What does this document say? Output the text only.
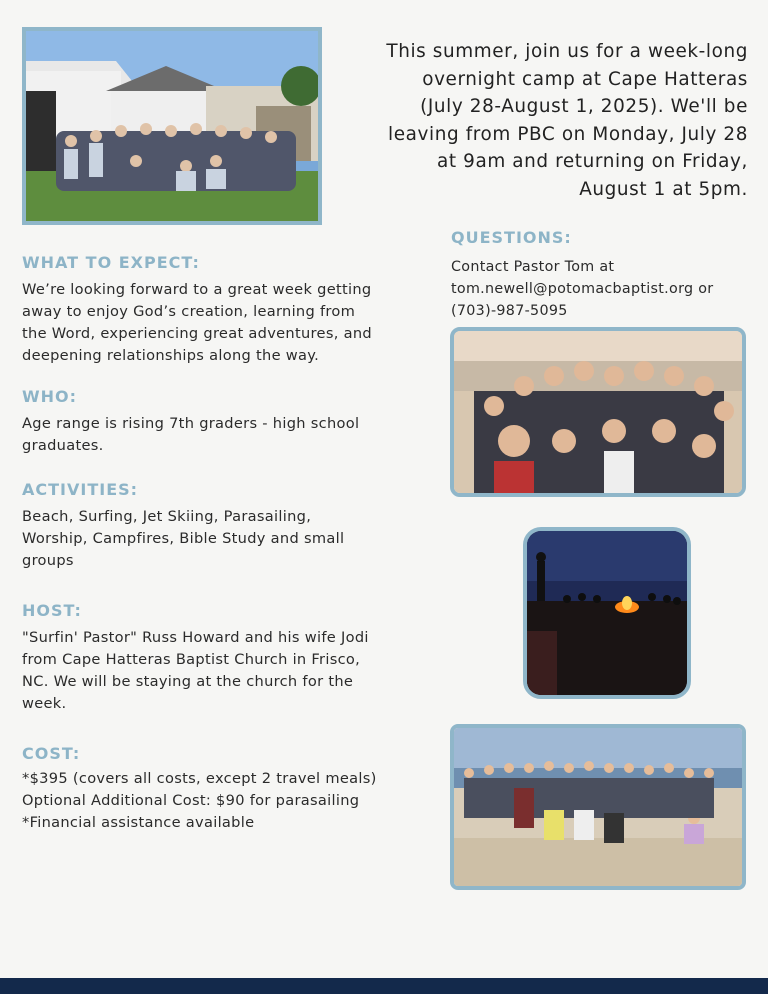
This summer, join us for a week-long
overnight camp at Cape Hatteras
(July 28-August 1, 2025). We'll be
leaving from PBC on Monday, July 28
at 9am and returning on Friday,
August 1 at 5pm.
QUESTIONS:
Contact Pastor Tom at
tom.newell@potomacbaptist.org or
(703)-987-5095
WHAT TO EXPECT:
We’re looking forward to a great week getting
away to enjoy God’s creation, learning from
the Word, experiencing great adventures, and
deepening relationships along the way.
WHO:
Age range is rising 7th graders - high school
graduates.
ACTIVITIES:
Beach, Surfing, Jet Skiing, Parasailing,
Worship, Campfires, Bible Study and small
groups
HOST:
"Surfin' Pastor" Russ Howard and his wife Jodi
from Cape Hatteras Baptist Church in Frisco,
NC. We will be staying at the church for the
week.
COST:
*$395 (covers all costs, except 2 travel meals)
Optional Additional Cost: $90 for parasailing
*Financial assistance available
